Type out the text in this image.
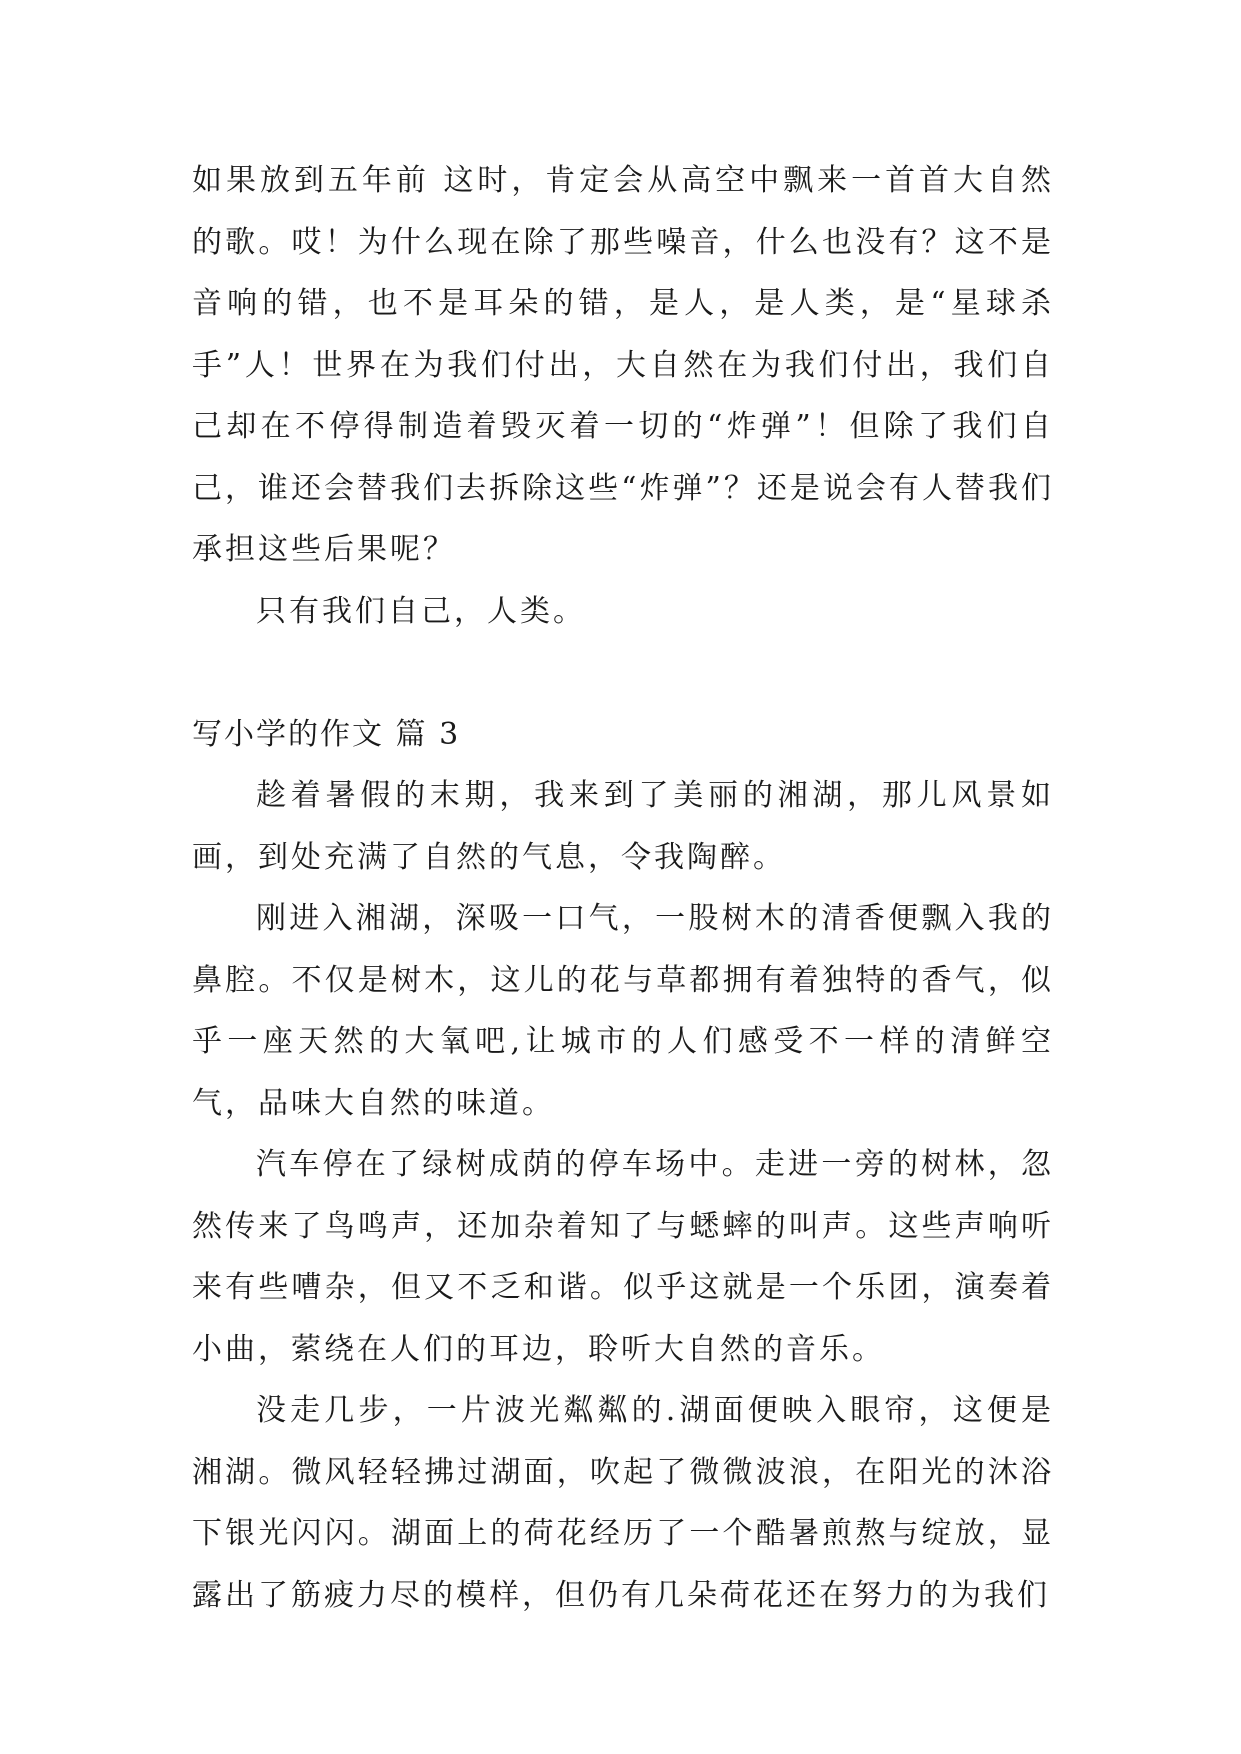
如果放到五年前 这时，肯定会从高空中飘来一首首大自然的歌。哎！为什么现在除了那些噪音，什么也没有？这不是音响的错，也不是耳朵的错，是人，是人类，是“星球杀手”人！世界在为我们付出，大自然在为我们付出，我们自己却在不停得制造着毁灭着一切的“炸弹”！但除了我们自己，谁还会替我们去拆除这些“炸弹”？还是说会有人替我们承担这些后果呢？

只有我们自己，人类。

写小学的作文 篇 3

趁着暑假的末期，我来到了美丽的湘湖，那儿风景如画，到处充满了自然的气息，令我陶醉。

刚进入湘湖，深吸一口气，一股树木的清香便飘入我的鼻腔。不仅是树木，这儿的花与草都拥有着独特的香气，似乎一座天然的大氧吧,让城市的人们感受不一样的清鲜空气，品味大自然的味道。

汽车停在了绿树成荫的停车场中。走进一旁的树林，忽然传来了鸟鸣声，还加杂着知了与蟋蟀的叫声。这些声响听来有些嘈杂，但又不乏和谐。似乎这就是一个乐团，演奏着小曲，萦绕在人们的耳边，聆听大自然的音乐。

没走几步，一片波光粼粼的.湖面便映入眼帘，这便是湘湖。微风轻轻拂过湖面，吹起了微微波浪，在阳光的沐浴下银光闪闪。湖面上的荷花经历了一个酷暑煎熬与绽放，显露出了筋疲力尽的模样，但仍有几朵荷花还在努力的为我们
